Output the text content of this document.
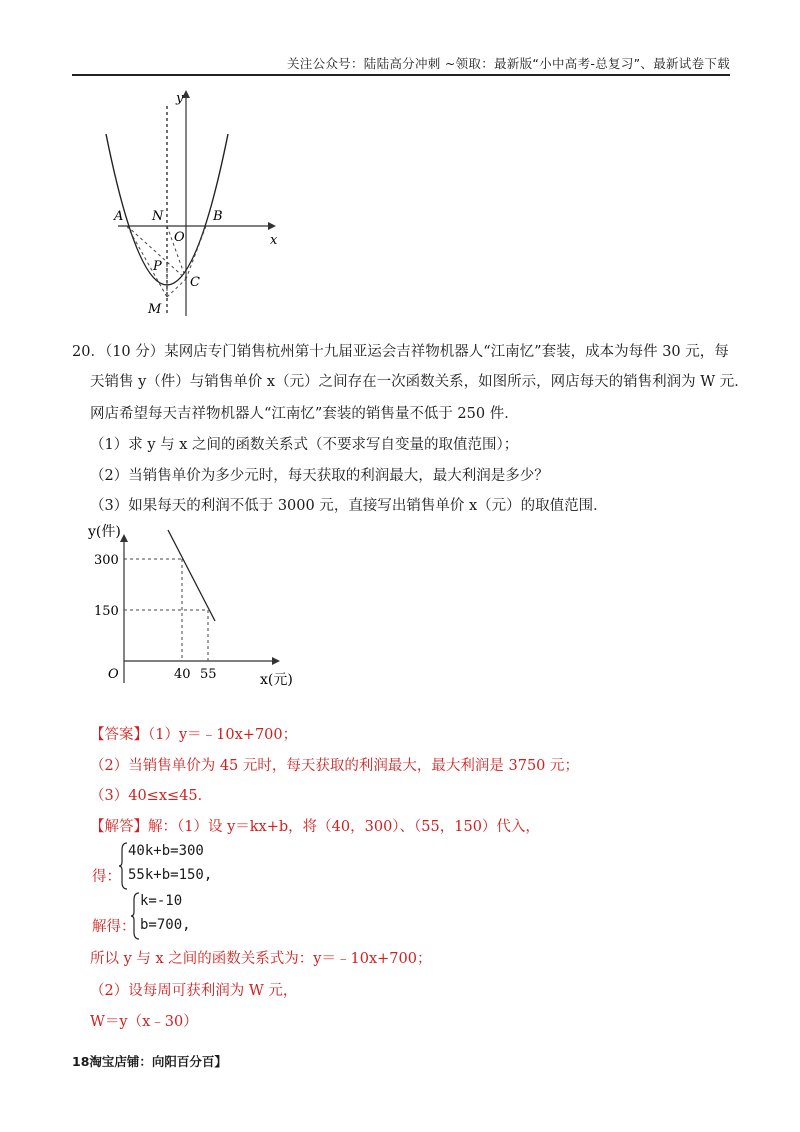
关注公众号：陆陆高分冲刺 ~领取：最新版“小中高考-总复习”、最新试卷下载
y
x
A N	B
O
P
C
M
20．（10 分）某网店专门销售杭州第十九届亚运会吉祥物机器人“江南忆”套装，成本为每件 30 元，每
天销售 y（件）与销售单价 x（元）之间存在一次函数关系，如图所示，网店每天的销售利润为 W 元．
网店希望每天吉祥物机器人“江南忆”套装的销售量不低于 250 件．
（1）求 y 与 x 之间的函数关系式（不要求写自变量的取值范围）；
（2）当销售单价为多少元时，每天获取的利润最大，最大利润是多少？
（3）如果每天的利润不低于 3000 元，直接写出销售单价 x（元）的取值范围．
y(件)
x(元)
O
300
150
40 55
【答案】（1）y＝﹣10x+700；
（2）当销售单价为 45 元时，每天获取的利润最大，最大利润是 3750 元；
（3）40≤x≤45．
【解答】解：（1）设 y＝kx+b，将（40，300）、（55，150）代入，
得：
40k+b=300
55k+b=150,
解得：
k=-10
b=700,
所以 y 与 x 之间的函数关系式为：y＝﹣10x+700；
（2）设每周可获利润为 W 元，
W＝y（x﹣30）
18淘宝店铺：向阳百分百】
